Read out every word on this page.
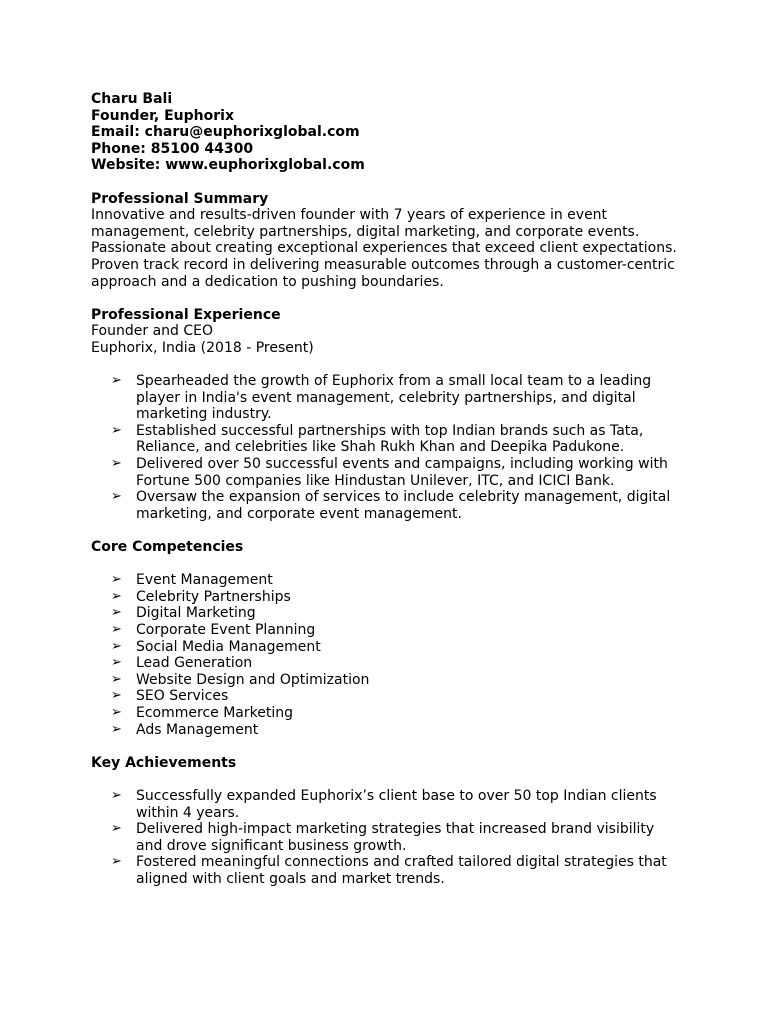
Charu Bali
Founder, Euphorix
Email: charu@euphorixglobal.com
Phone: 85100 44300
Website: www.euphorixglobal.com
Professional Summary
Innovative and results-driven founder with 7 years of experience in event
management, celebrity partnerships, digital marketing, and corporate events.
Passionate about creating exceptional experiences that exceed client expectations.
Proven track record in delivering measurable outcomes through a customer-centric
approach and a dedication to pushing boundaries.
Professional Experience
Founder and CEO
Euphorix, India (2018 - Present)
➢ Spearheaded the growth of Euphorix from a small local team to a leading
player in India's event management, celebrity partnerships, and digital
marketing industry.
➢ Established successful partnerships with top Indian brands such as Tata,
Reliance, and celebrities like Shah Rukh Khan and Deepika Padukone.
➢ Delivered over 50 successful events and campaigns, including working with
Fortune 500 companies like Hindustan Unilever, ITC, and ICICI Bank.
➢ Oversaw the expansion of services to include celebrity management, digital
marketing, and corporate event management.
Core Competencies
➢ Event Management
➢ Celebrity Partnerships
➢ Digital Marketing
➢ Corporate Event Planning
➢ Social Media Management
➢ Lead Generation
➢ Website Design and Optimization
➢ SEO Services
➢ Ecommerce Marketing
➢ Ads Management
Key Achievements
➢ Successfully expanded Euphorix’s client base to over 50 top Indian clients
within 4 years.
➢ Delivered high-impact marketing strategies that increased brand visibility
and drove significant business growth.
➢ Fostered meaningful connections and crafted tailored digital strategies that
aligned with client goals and market trends.
